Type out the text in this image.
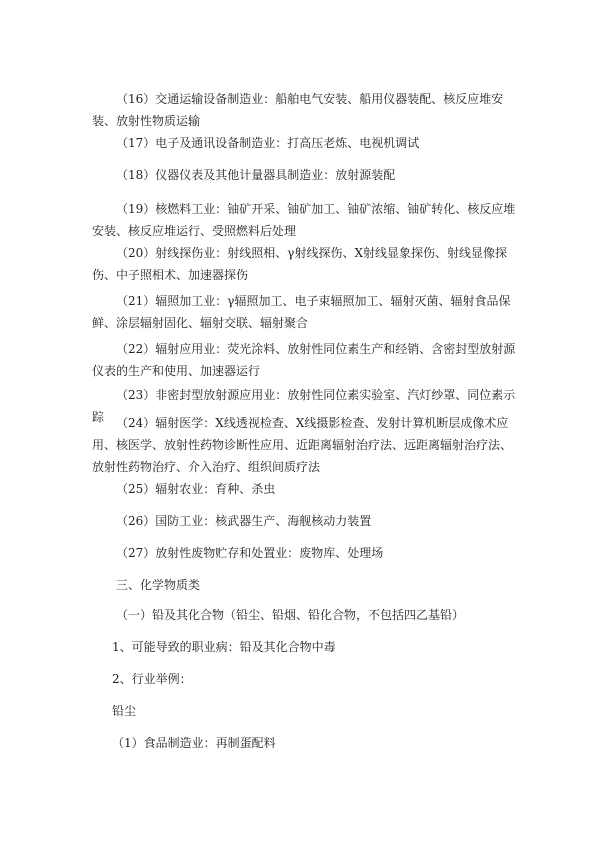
（16）交通运输设备制造业：船舶电气安装、船用仪器装配、核反应堆安装、放射性物质运输

（17）电子及通讯设备制造业：打高压老炼、电视机调试

（18）仪器仪表及其他计量器具制造业：放射源装配

（19）核燃料工业：铀矿开采、铀矿加工、铀矿浓缩、铀矿转化、核反应堆安装、核反应堆运行、受照燃料后处理

（20）射线探伤业：射线照相、γ射线探伤、X射线显象探伤、射线显像探伤、中子照相术、加速器探伤

（21）辐照加工业：γ辐照加工、电子束辐照加工、辐射灭菌、辐射食品保鲜、涂层辐射固化、辐射交联、辐射聚合

（22）辐射应用业：荧光涂料、放射性同位素生产和经销、含密封型放射源仪表的生产和使用、加速器运行

（23）非密封型放射源应用业：放射性同位素实验室、汽灯纱罩、同位素示踪 （24）辐射医学：X线透视检查、X线摄影检查、发射计算机断层成像术应用、核医学、放射性药物诊断性应用、近距离辐射治疗法、远距离辐射治疗法、放射性药物治疗、介入治疗、组织间质疗法

（25）辐射农业：育种、杀虫

（26）国防工业：核武器生产、海舰核动力装置

（27）放射性废物贮存和处置业：废物库、处理场

三、化学物质类

（一）铅及其化合物（铅尘、铅烟、铅化合物，不包括四乙基铅）

1、可能导致的职业病：铅及其化合物中毒

2、行业举例：

铅尘

（1）食品制造业：再制蛋配料
